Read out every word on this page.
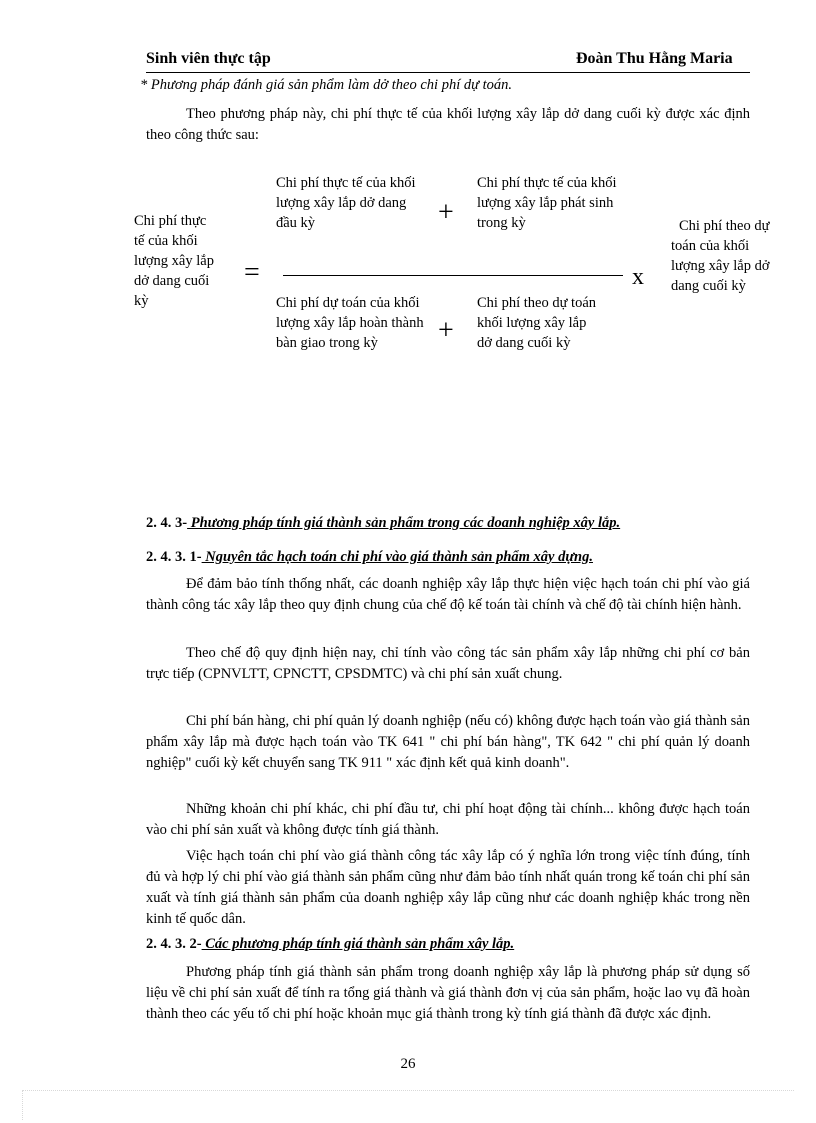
Sinh viên thực tập	Đoàn Thu Hằng Maria
* Phương pháp đánh giá sản phẩm làm dở theo chi phí dự toán.
Theo phương pháp này, chi phí thực tế của khối lượng xây lắp dở dang cuối kỳ được xác định theo công thức sau:
Chi phí thực tế của khối lượng xây lắp dở dang cuối kỳ
=
Chi phí thực tế của khối lượng xây lắp dở dang đầu kỳ	+
Chi phí thực tế của khối lượng xây lắp phát sinh trong kỳ
x
Chi phí dự toán của khối lượng xây lắp hoàn thành bàn giao trong kỳ	+
Chi phí theo dự toán khối lượng xây lắp dở dang cuối kỳ
Chi phí theo dự toán của khối lượng xây lắp dở dang cuối kỳ
2. 4. 3- Phương pháp tính giá thành sản phẩm trong các doanh nghiệp xây lắp.
2. 4. 3. 1- Nguyên tắc hạch toán chi phí vào giá thành sản phẩm xây dựng.
Để đảm bảo tính thống nhất, các doanh nghiệp xây lắp thực hiện việc hạch toán chi phí vào giá thành công tác xây lắp theo quy định chung của chế độ kế toán tài chính và chế độ tài chính hiện hành.
Theo chế độ quy định hiện nay, chỉ tính vào công tác sản phẩm xây lắp những chi phí cơ bản trực tiếp (CPNVLTT, CPNCTT, CPSDMTC) và chi phí sản xuất chung.
Chi phí bán hàng, chi phí quản lý doanh nghiệp (nếu có) không được hạch toán vào giá thành sản phẩm xây lắp mà được hạch toán vào TK 641 " chi phí bán hàng", TK 642 " chi phí quản lý doanh nghiệp" cuối kỳ kết chuyển sang TK 911 " xác định kết quả kinh doanh".
Những khoản chi phí khác, chi phí đầu tư, chi phí hoạt động tài chính... không được hạch toán vào chi phí sản xuất và không được tính giá thành.
Việc hạch toán chi phí vào giá thành công tác xây lắp có ý nghĩa lớn trong việc tính đúng, tính đủ và hợp lý chi phí vào giá thành sản phẩm cũng như đảm bảo tính nhất quán trong kế toán chi phí sản xuất và tính giá thành sản phẩm của doanh nghiệp xây lắp cũng như các doanh nghiệp khác trong nền kinh tế quốc dân.
2. 4. 3. 2- Các phương pháp tính giá thành sản phẩm xây lắp.
Phương pháp tính giá thành sản phẩm trong doanh nghiệp xây lắp là phương pháp sử dụng số liệu về chi phí sản xuất để tính ra tổng giá thành và giá thành đơn vị của sản phẩm, hoặc lao vụ đã hoàn thành theo các yếu tố chi phí hoặc khoản mục giá thành trong kỳ tính giá thành đã được xác định.
26
